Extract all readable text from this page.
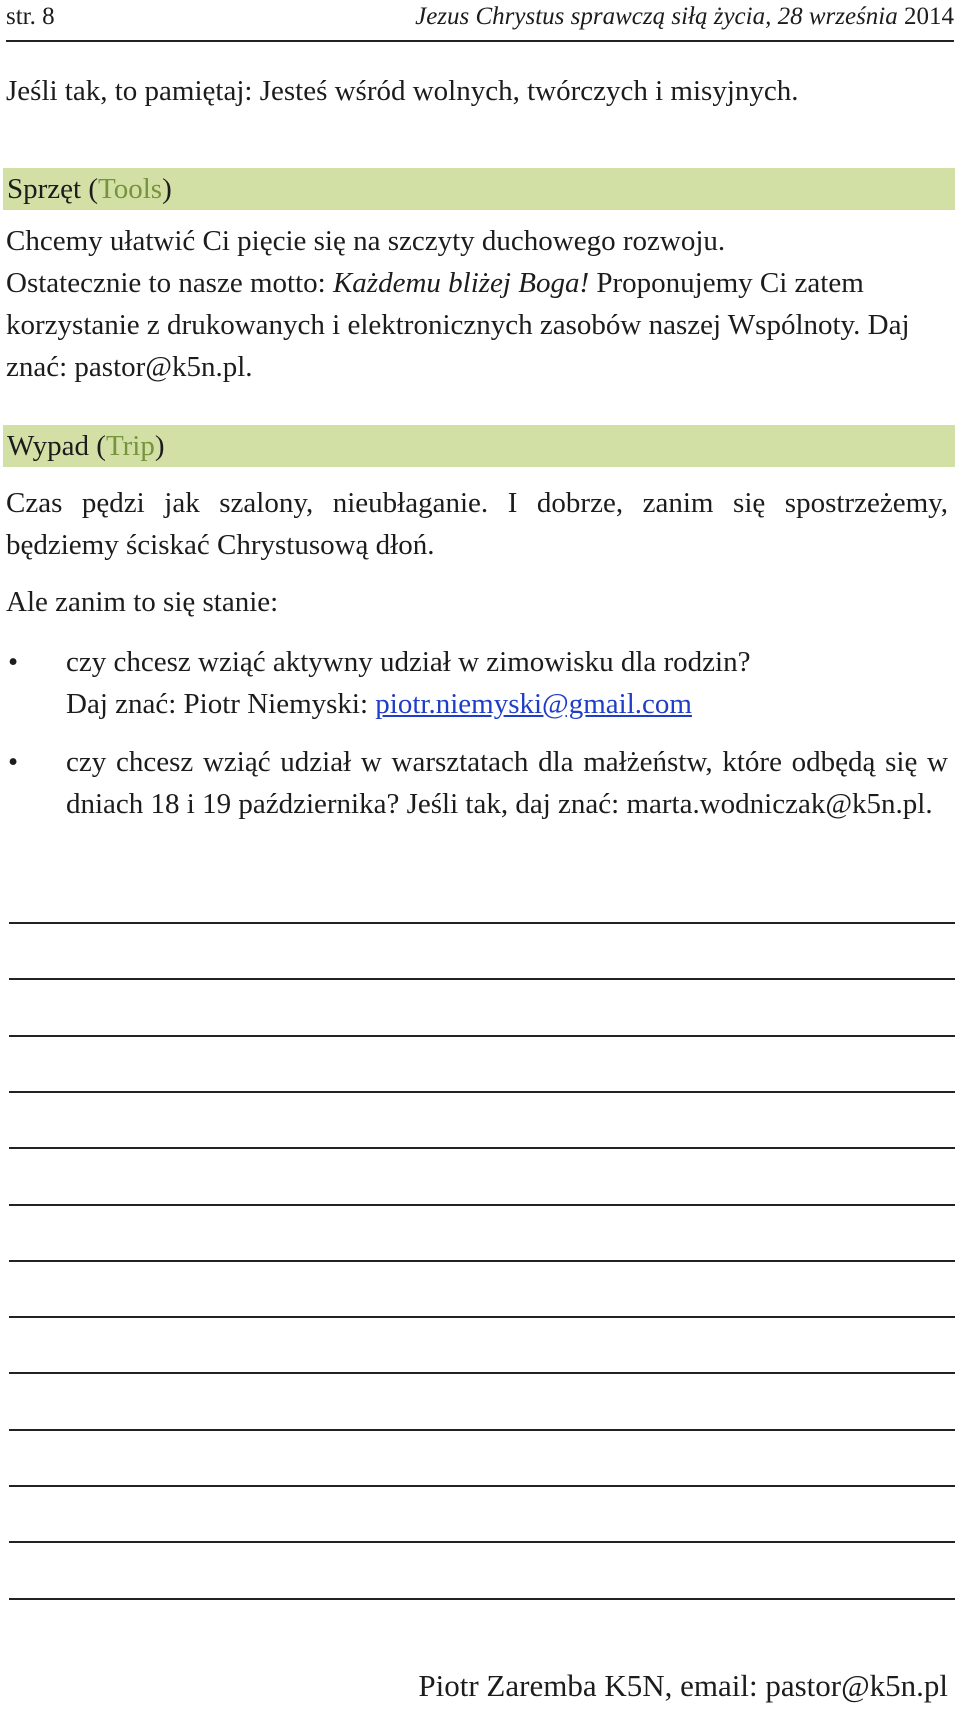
str. 8	Jezus Chrystus sprawczą siłą życia, 28 września 2014

Jeśli tak, to pamiętaj: Jesteś wśród wolnych, twórczych i misyjnych.

Sprzęt (Tools)

Chcemy ułatwić Ci pięcie się na szczyty duchowego rozwoju.
Ostatecznie to nasze motto: Każdemu bliżej Boga! Proponujemy Ci zatem korzystanie z drukowanych i elektronicznych zasobów naszej Wspólnoty. Daj znać: pastor@k5n.pl.

Wypad (Trip)

Czas pędzi jak szalony, nieubłaganie. I dobrze, zanim się spostrzeżemy, będziemy ściskać Chrystusową dłoń.

Ale zanim to się stanie:

• czy chcesz wziąć aktywny udział w zimowisku dla rodzin?
Daj znać: Piotr Niemyski: piotr.niemyski@gmail.com
• czy chcesz wziąć udział w warsztatach dla małżeństw, które odbędą się w dniach 18 i 19 października? Jeśli tak, daj znać: marta.wodniczak@k5n.pl.
Piotr Zaremba K5N, email: pastor@k5n.pl
